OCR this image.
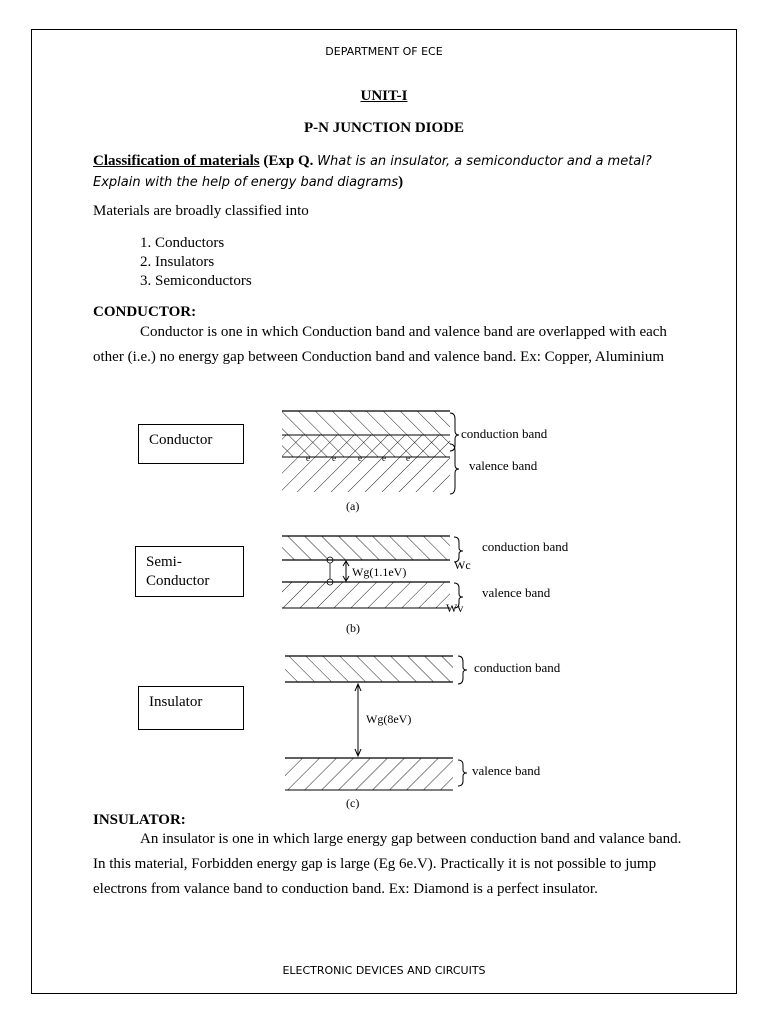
DEPARTMENT OF ECE
UNIT-I
P-N JUNCTION DIODE
Classification of materials (Exp Q. What is an insulator, a semiconductor and a metal? Explain with the help of energy band diagrams)
Materials are broadly classified into
1. Conductors
2. Insulators
3. Semiconductors
CONDUCTOR:
Conductor is one in which Conduction band and valence band are overlapped with each other (i.e.) no energy gap between Conduction band and valence band. Ex: Copper, Aluminium
Conductor
Semi-
Conductor
Insulator
e e e e e
conduction band
valence band
(a)
Wg(1.1eV)
conduction band
Wc
valence band
Wv
(b)
Wg(8eV)
conduction band
valence band
(c)
INSULATOR:
An insulator is one in which large energy gap between conduction band and valance band. In this material, Forbidden energy gap is large (Eg 6e.V). Practically it is not possible to jump electrons from valance band to conduction band. Ex: Diamond is a perfect insulator.
ELECTRONIC DEVICES AND CIRCUITS
